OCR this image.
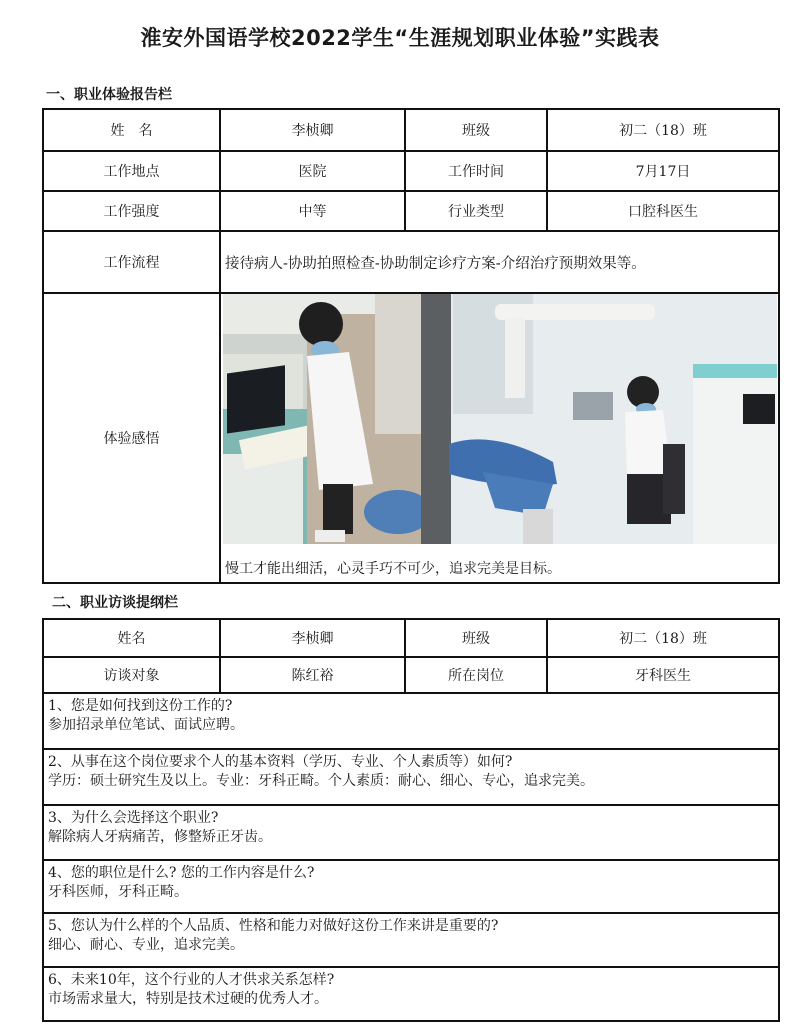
淮安外国语学校2022学生“生涯规划职业体验”实践表
一、职业体验报告栏
姓　名	李桢卿	班级	初二（18）班
工作地点	医院	工作时间	7月17日
工作强度	中等	行业类型	口腔科医生
工作流程	接待病人-协助拍照检查-协助制定诊疗方案-介绍治疗预期效果等。		
体验感悟	慢工才能出细活，心灵手巧不可少，追求完美是目标。		
二、职业访谈提纲栏
姓名	李桢卿	班级	初二（18）班
访谈对象	陈红裕	所在岗位	牙科医生

1、您是如何找到这份工作的?
参加招录单位笔试、面试应聘。			

2、从事在这个岗位要求个人的基本资料（学历、专业、个人素质等）如何?
学历：硕士研究生及以上。专业：牙科正畸。个人素质：耐心、细心、专心，追求完美。			

3、为什么会选择这个职业?
解除病人牙病痛苦，修整矫正牙齿。			

4、您的职位是什么? 您的工作内容是什么?
牙科医师，牙科正畸。			

5、您认为什么样的个人品质、性格和能力对做好这份工作来讲是重要的?
细心、耐心、专业，追求完美。			

6、未来10年，这个行业的人才供求关系怎样?
市场需求量大，特别是技术过硬的优秀人才。			
